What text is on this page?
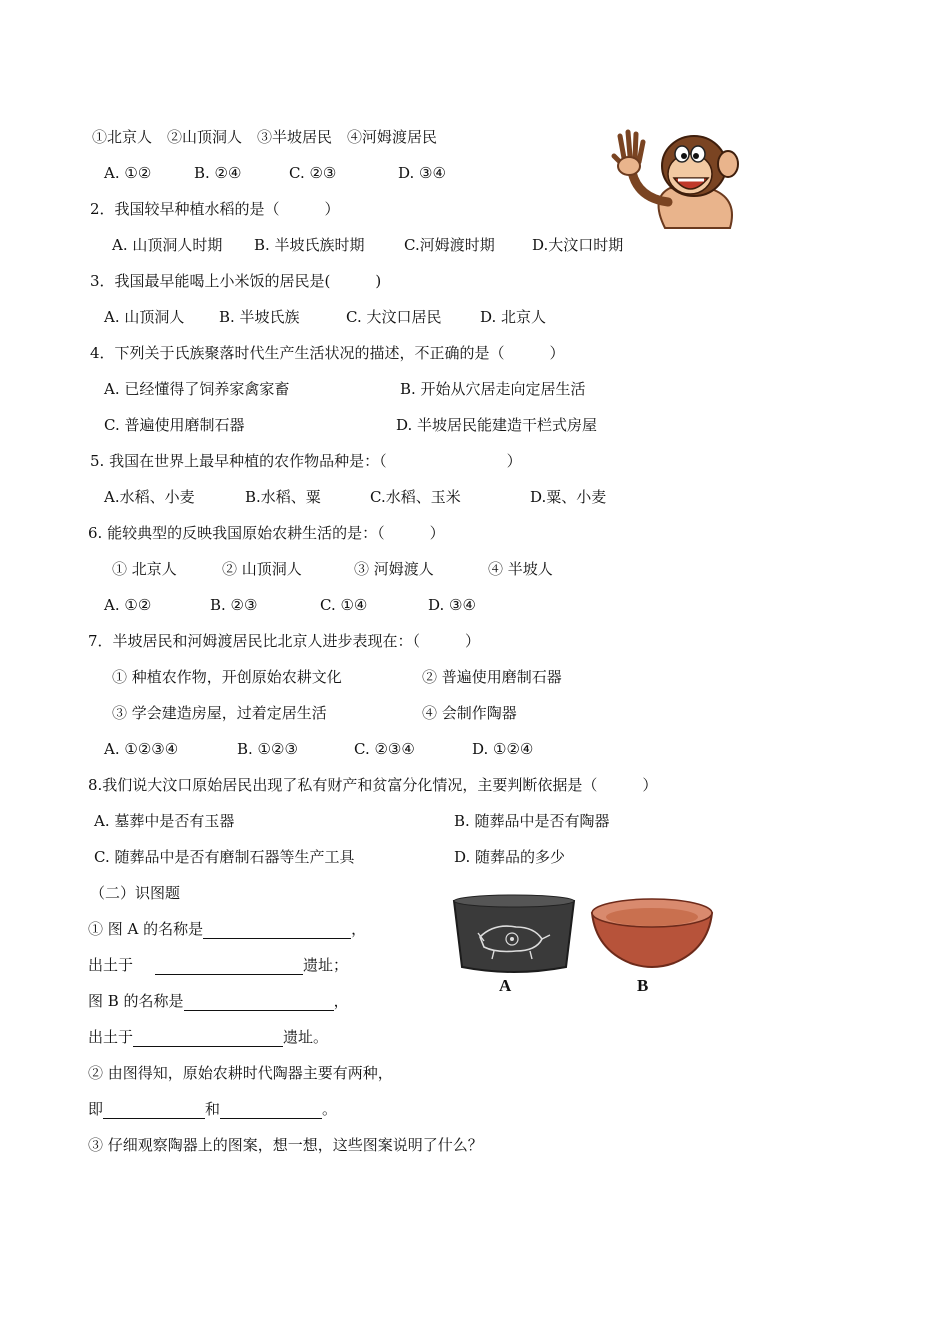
①北京人　②山顶洞人　③半坡居民　④河姆渡居民
A. ①②	B. ②④	C. ②③	D. ③④
2．我国较早种植水稻的是（　　　）
A. 山顶洞人时期 B. 半坡氏族时期	C.河姆渡时期 D.大汶口时期
3．我国最早能喝上小米饭的居民是(　　　)
A. 山顶洞人 B. 半坡氏族	C. 大汶口居民	D. 北京人
4．下列关于氏族聚落时代生产生活状况的描述，不正确的是（　　　）
A. 已经懂得了饲养家禽家畜	B. 开始从穴居走向定居生活
C. 普遍使用磨制石器	D. 半坡居民能建造干栏式房屋
5. 我国在世界上最早种植的农作物品种是：（　　　　　　　　）
A.水稻、小麦	B.水稻、粟	C.水稻、玉米	D.粟、小麦
6. 能较典型的反映我国原始农耕生活的是：（　　　）
① 北京人	② 山顶洞人	③ 河姆渡人	④ 半坡人
A. ①②	B. ②③	C. ①④	D. ③④
7．半坡居民和河姆渡居民比北京人进步表现在：（　　　）
① 种植农作物，开创原始农耕文化	② 普遍使用磨制石器
③ 学会建造房屋，过着定居生活	④ 会制作陶器
A. ①②③④	B. ①②③	C. ②③④	D. ①②④
8.我们说大汶口原始居民出现了私有财产和贫富分化情况，主要判断依据是（　　　）
A. 墓葬中是否有玉器	B. 随葬品中是否有陶器
C. 随葬品中是否有磨制石器等生产工具	D. 随葬品的多少
（二）识图题
① 图 A 的名称是	，
出土于	遗址；
图 B 的名称是	，
出土于	遗址。
② 由图得知，原始农耕时代陶器主要有两种，
即	和	。
③ 仔细观察陶器上的图案，想一想，这些图案说明了什么？
A	B
